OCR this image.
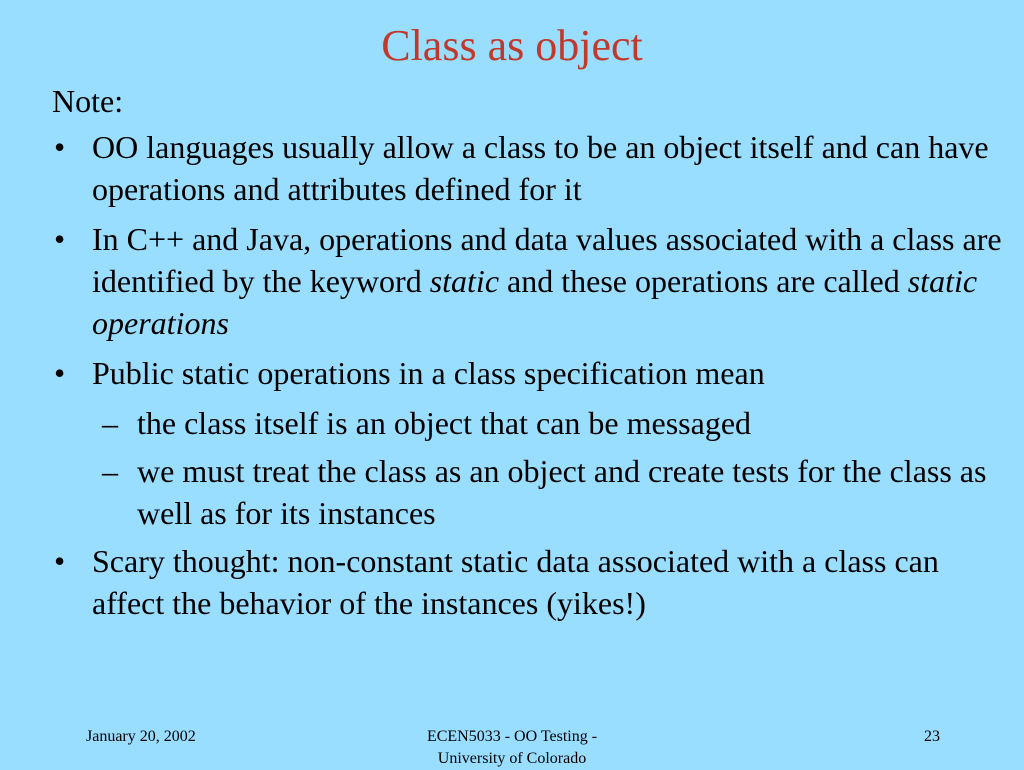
Class as object
Note:
• OO languages usually allow a class to be an object itself and can have operations and attributes defined for it
• In C++ and Java, operations and data values associated with a class are identified by the keyword static and these operations are called static operations
• Public static operations in a class specification mean
– the class itself is an object that can be messaged
– we must treat the class as an object and create tests for the class as well as for its instances
• Scary thought: non-constant static data associated with a class can affect the behavior of the instances (yikes!)
January 20, 2002	ECEN5033 - OO Testing -
University of Colorado
23
